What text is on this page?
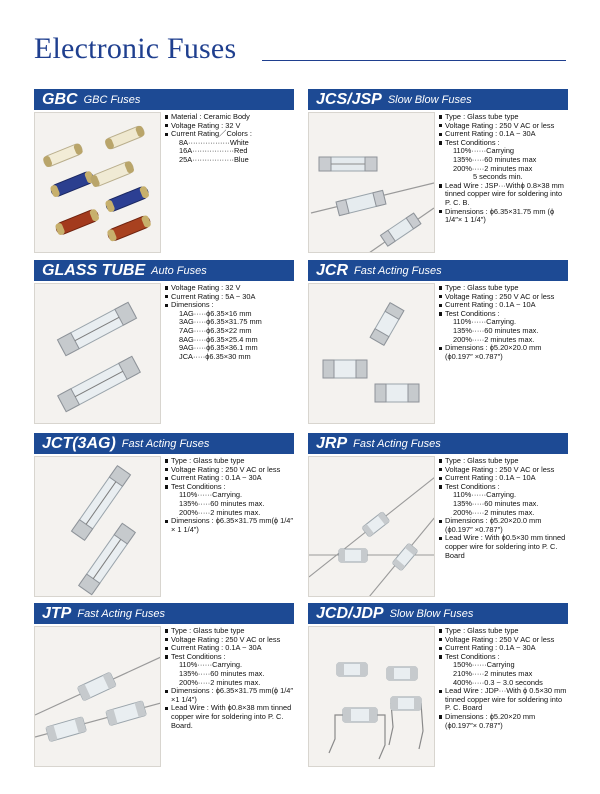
Electronic Fuses
GBC GBC Fuses
Material : Ceramic Body
Voltage Rating : 32 V
Current Rating／Colors :
8A·················White
16A·················Red
25A·················Blue
JCS/JSP Slow Blow Fuses
Type : Glass tube type
Voltage Rating : 250 V AC or less
Current Rating : 0.1A ~ 30A
Test Conditions :
110%······Carrying
135%·····60 minutes max
200%·····2 minutes max
5 seconds min.
Lead Wire : JSP···Withϕ 0.8×38 mm tinned copper wire for soldering into P. C. B.
Dimensions : ϕ6.35×31.75 mm (ϕ 1/4″× 1 1/4″)
GLASS TUBE Auto Fuses
Voltage Rating : 32 V
Current Rating : 5A ~ 30A
Dimensions :
1AG·····ϕ6.35×16 mm
3AG·····ϕ6.35×31.75 mm
7AG·····ϕ6.35×22 mm
8AG·····ϕ6.35×25.4 mm
9AG·····ϕ6.35×36.1 mm
JCA·····ϕ6.35×30 mm
JCR Fast Acting Fuses
Type : Glass tube type
Voltage Rating : 250 V AC or less
Current Rating : 0.1A ~ 10A
Test Conditions :
110%······Carrying.
135%·····60 minutes max.
200%·····2 minutes max.
Dimensions : ϕ5.20×20.0 mm (ϕ0.197″ ×0.787″)
JCT(3AG) Fast Acting Fuses
Type : Glass tube type
Voltage Rating : 250 V AC or less
Current Rating : 0.1A ~ 30A
Test Conditions :
110%······Carrying.
135%·····60 minutes max.
200%·····2 minutes max.
Dimensions : ϕ6.35×31.75 mm(ϕ 1/4″ × 1 1/4″)
JRP Fast Acting Fuses
Type : Glass tube type
Voltage Rating : 250 V AC or less
Current Rating : 0.1A ~ 10A
Test Conditions :
110%······Carrying.
135%·····60 minutes max.
200%·····2 minutes max.
Dimensions : ϕ5.20×20.0 mm (ϕ0.197″ ×0.787″)
Lead Wire : With ϕ0.5×30 mm tinned copper wire for soldering into P. C. Board
JTP Fast Acting Fuses
Type : Glass tube type
Voltage Rating : 250 V AC or less
Current Rating : 0.1A ~ 30A
Test Conditions :
110%······Carrying.
135%·····60 minutes max.
200%·····2 minutes max.
Dimensions : ϕ6.35×31.75 mm(ϕ 1/4″ ×1 1/4″)
Lead Wire : With ϕ0.8×38 mm tinned copper wire for soldering into P. C. Board.
JCD/JDP Slow Blow Fuses
Type : Glass tube type
Voltage Rating : 250 V AC or less
Current Rating : 0.1A ~ 30A
Test Conditions :
150%······Carrying
210%·····2 minutes max
400%·····0.3 ~ 3.0 seconds
Lead Wire : JDP···With ϕ 0.5×30 mm tinned copper wire for soldering into P. C. Board
Dimensions : ϕ5.20×20 mm (ϕ0.197″× 0.787″)
